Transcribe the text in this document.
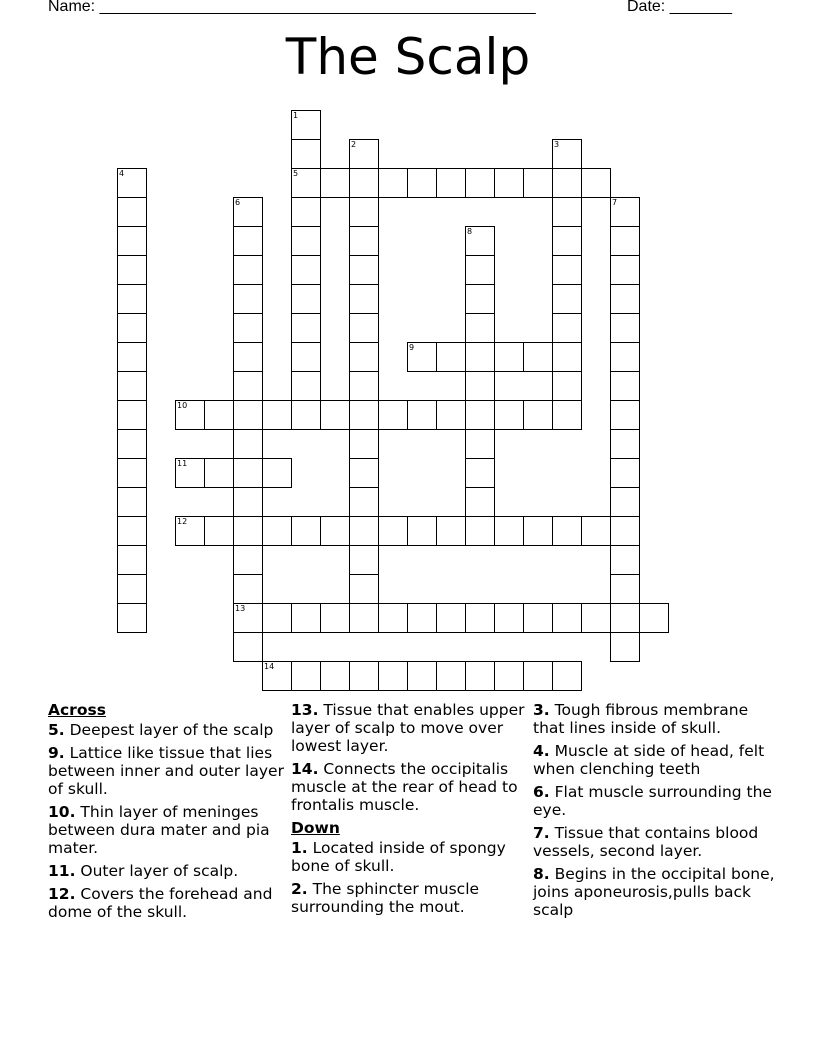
Name: _________________________________________________	Date: _______
The Scalp
1
5
2	3
4
6
13
7
8
9
10
11
12
14
Across
5. Deepest layer of the scalp
9. Lattice like tissue that lies between inner and outer layer of skull.
10. Thin layer of meninges between dura mater and pia mater.
11. Outer layer of scalp.
12. Covers the forehead and dome of the skull.
13. Tissue that enables upper layer of scalp to move over lowest layer.
14. Connects the occipitalis muscle at the rear of head to frontalis muscle.
Down
1. Located inside of spongy bone of skull.
2. The sphincter muscle surrounding the mout.
3. Tough fibrous membrane that lines inside of skull.
4. Muscle at side of head, felt when clenching teeth
6. Flat muscle surrounding the eye.
7. Tissue that contains blood vessels, second layer.
8. Begins in the occipital bone, joins aponeurosis,pulls back scalp
